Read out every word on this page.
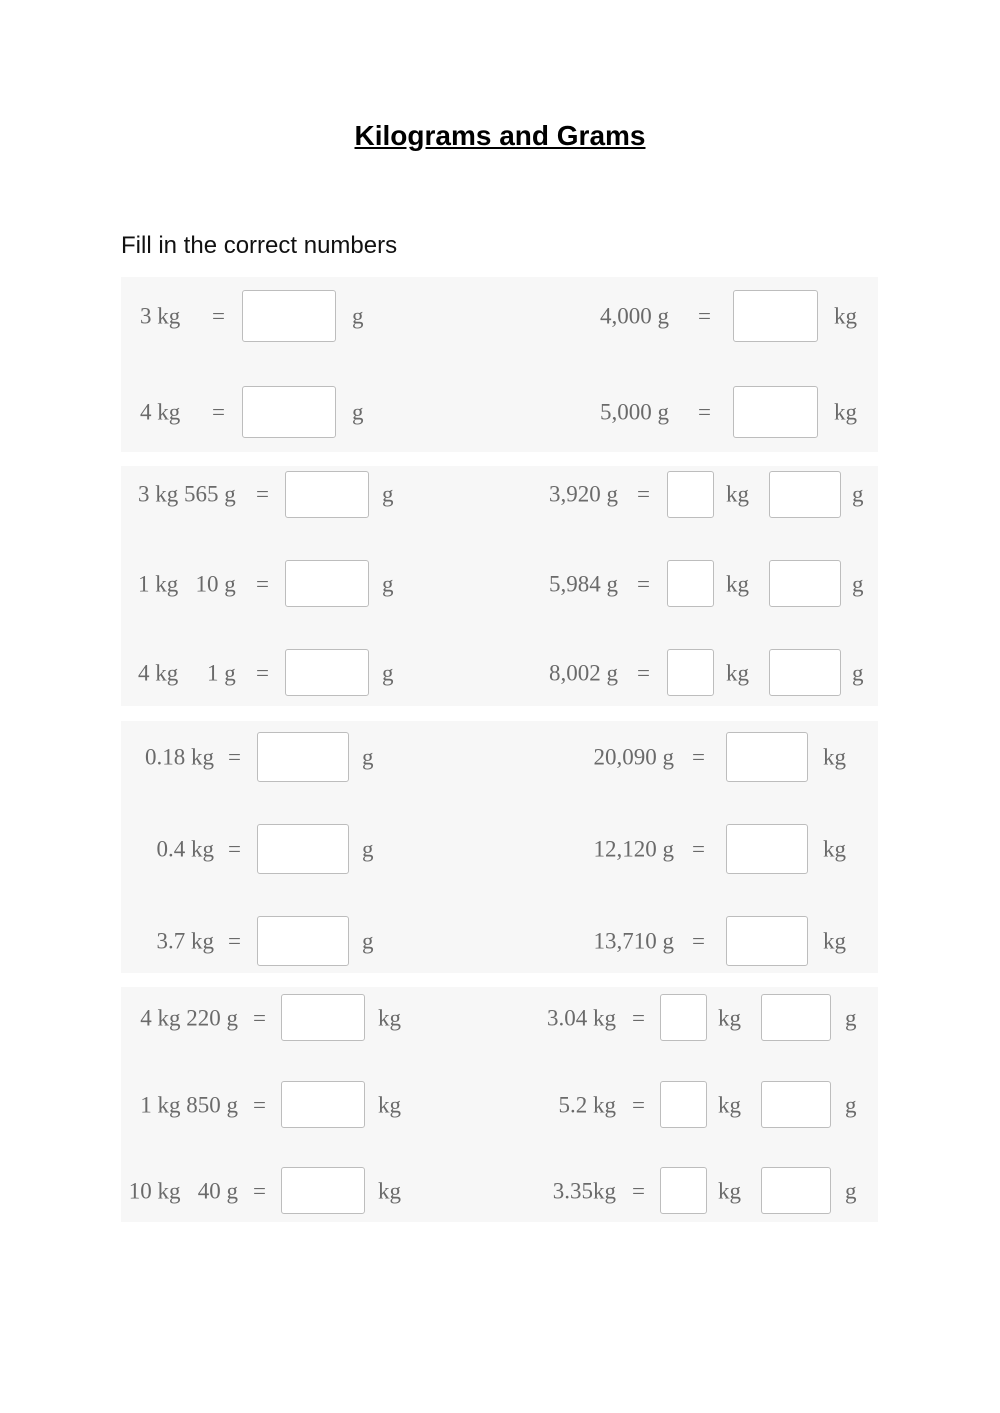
Kilograms and Grams
Fill in the correct numbers
3 kg =	g	4,000 g =	kg
4 kg =	g	5,000 g =	kg
3 kg 565 g =	g	3,920 g =	kg	g
1 kg   10 g =	g	5,984 g =	kg	g
4 kg     1 g =	g	8,002 g =	kg	g
0.18 kg =	g	20,090 g =	kg
0.4 kg =	g	12,120 g =	kg
3.7 kg =	g	13,710 g =	kg
4 kg 220 g =	kg	3.04 kg =	kg	g
1 kg 850 g =	kg	5.2 kg =	kg	g
10 kg   40 g =	kg	3.35kg =	kg	g
